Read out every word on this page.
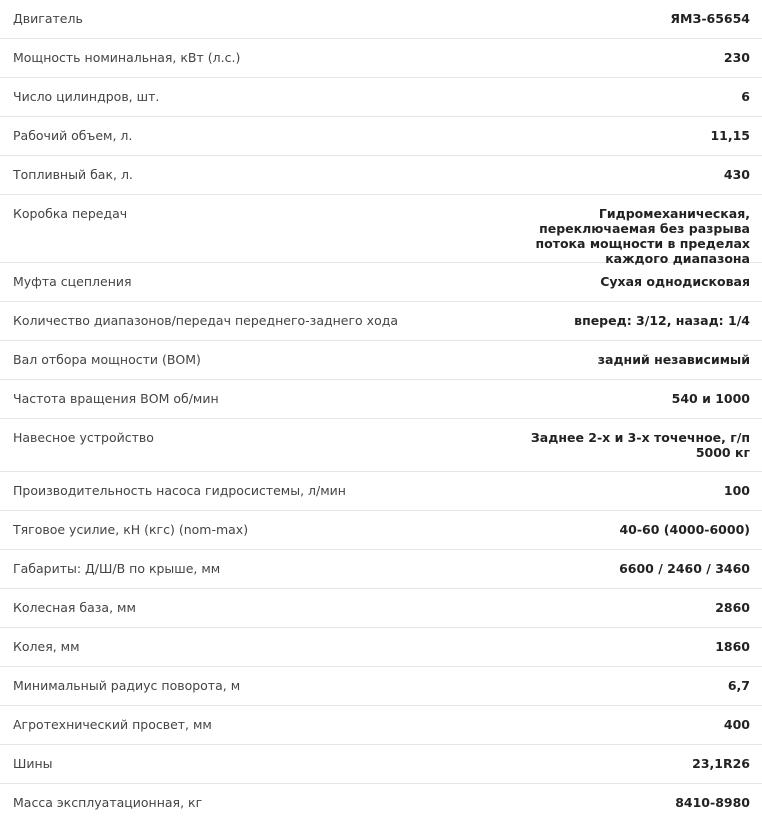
Двигатель	ЯМЗ-65654
Мощность номинальная, кВт (л.с.)	230
Число цилиндров, шт.	6
Рабочий объем, л.	11,15
Топливный бак, л.	430
Коробка передач	Гидромеханическая, переключаемая без разрыва потока мощности в пределах каждого диапазона
Муфта сцепления	Сухая однодисковая
Количество диапазонов/передач переднего-заднего хода	вперед: 3/12, назад: 1/4
Вал отбора мощности (ВОМ)	задний независимый
Частота вращения ВОМ об/мин	540 и 1000
Навесное устройство	Заднее 2-х и 3-х точечное, г/п 5000 кг
Производительность насоса гидросистемы, л/мин	100
Тяговое усилие, кН (кгс) (nom-max)	40-60 (4000-6000)
Габариты: Д/Ш/В по крыше, мм	6600 / 2460 / 3460
Колесная база, мм	2860
Колея, мм	1860
Минимальный радиус поворота, м	6,7
Агротехнический просвет, мм	400
Шины	23,1R26
Масса эксплуатационная, кг	8410-8980
